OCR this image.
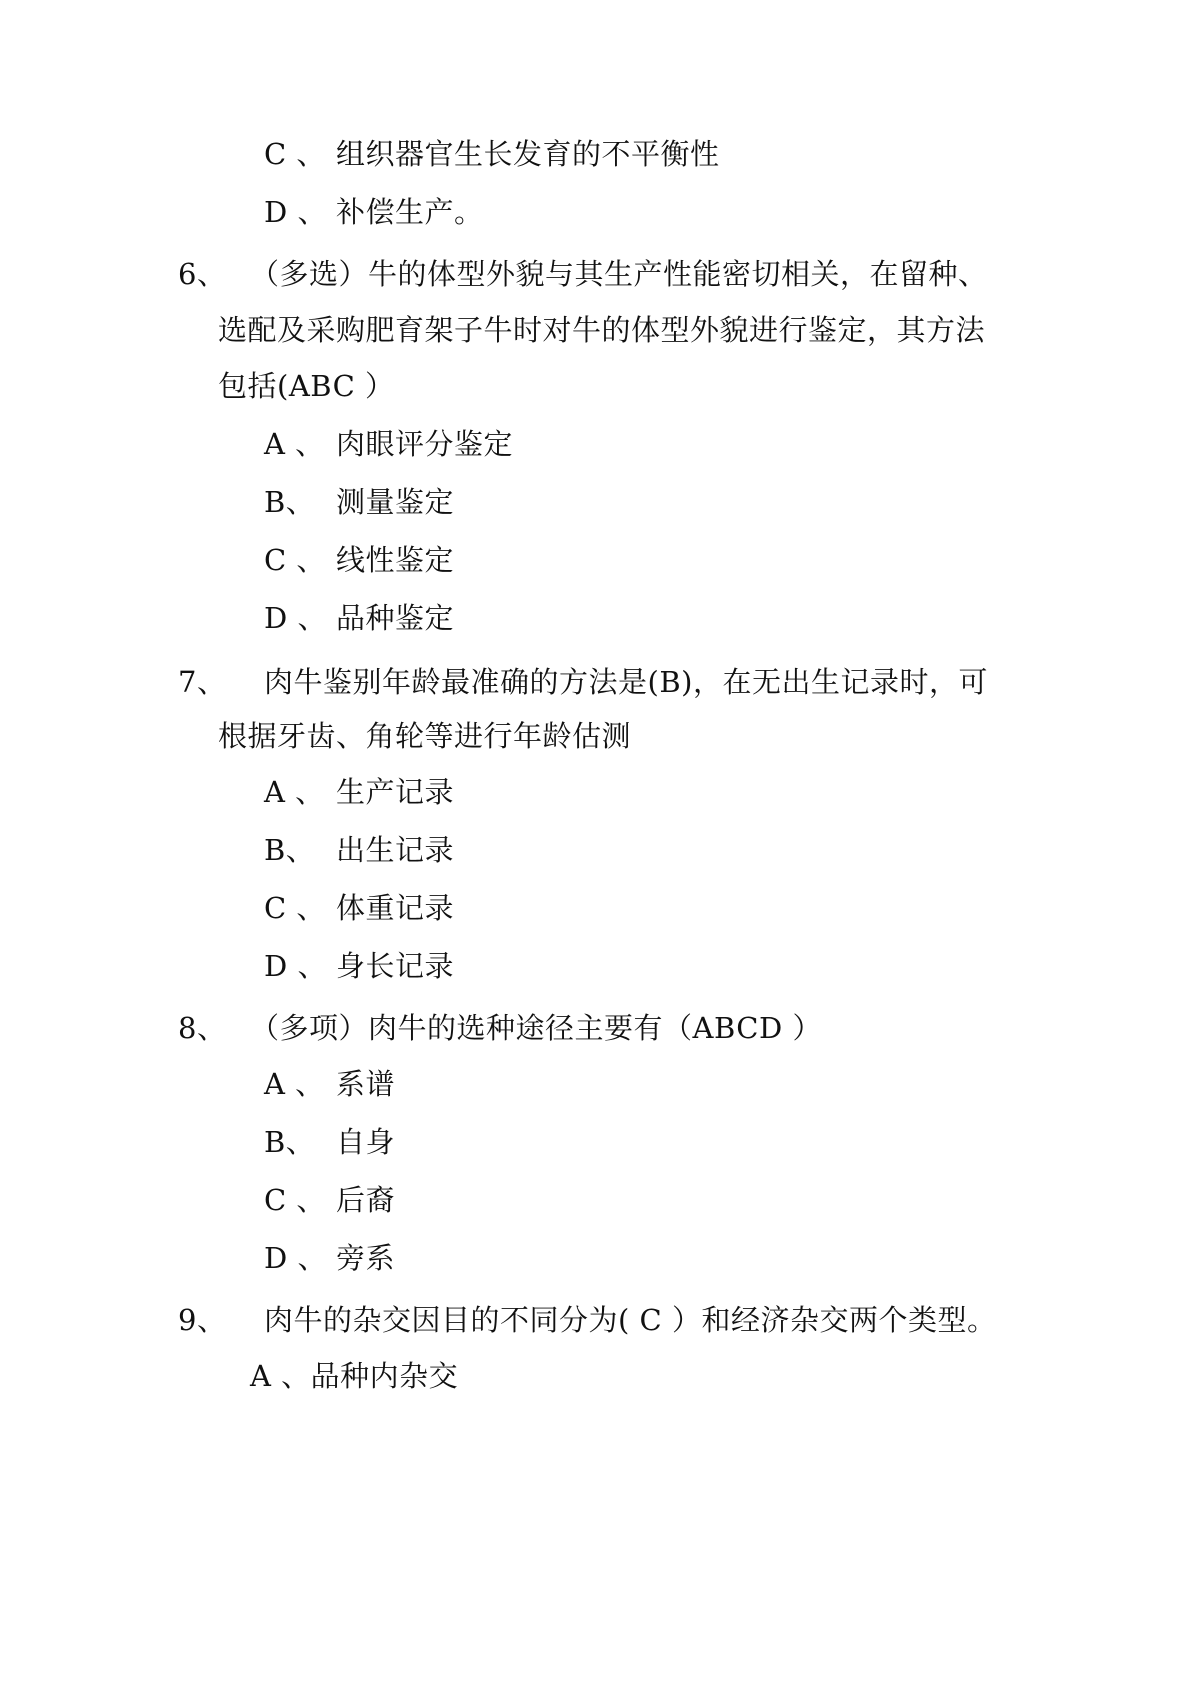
C 、 组织器官生长发育的不平衡性
D 、 补偿生产。
6、 （多选）牛的体型外貌与其生产性能密切相关，在留种、
选配及采购肥育架子牛时对牛的体型外貌进行鉴定，其方法
包括(ABC ）
A 、 肉眼评分鉴定
B、 测量鉴定
C 、 线性鉴定
D 、 品种鉴定
7、 肉牛鉴别年龄最准确的方法是(B)，在无出生记录时，可
根据牙齿、角轮等进行年龄估测
A 、 生产记录
B、 出生记录
C 、 体重记录
D 、 身长记录
8、 （多项）肉牛的选种途径主要有（ABCD ）
A 、 系谱
B、 自身
C 、 后裔
D 、 旁系
9、 肉牛的杂交因目的不同分为( C ）和经济杂交两个类型。
A 、品种内杂交
